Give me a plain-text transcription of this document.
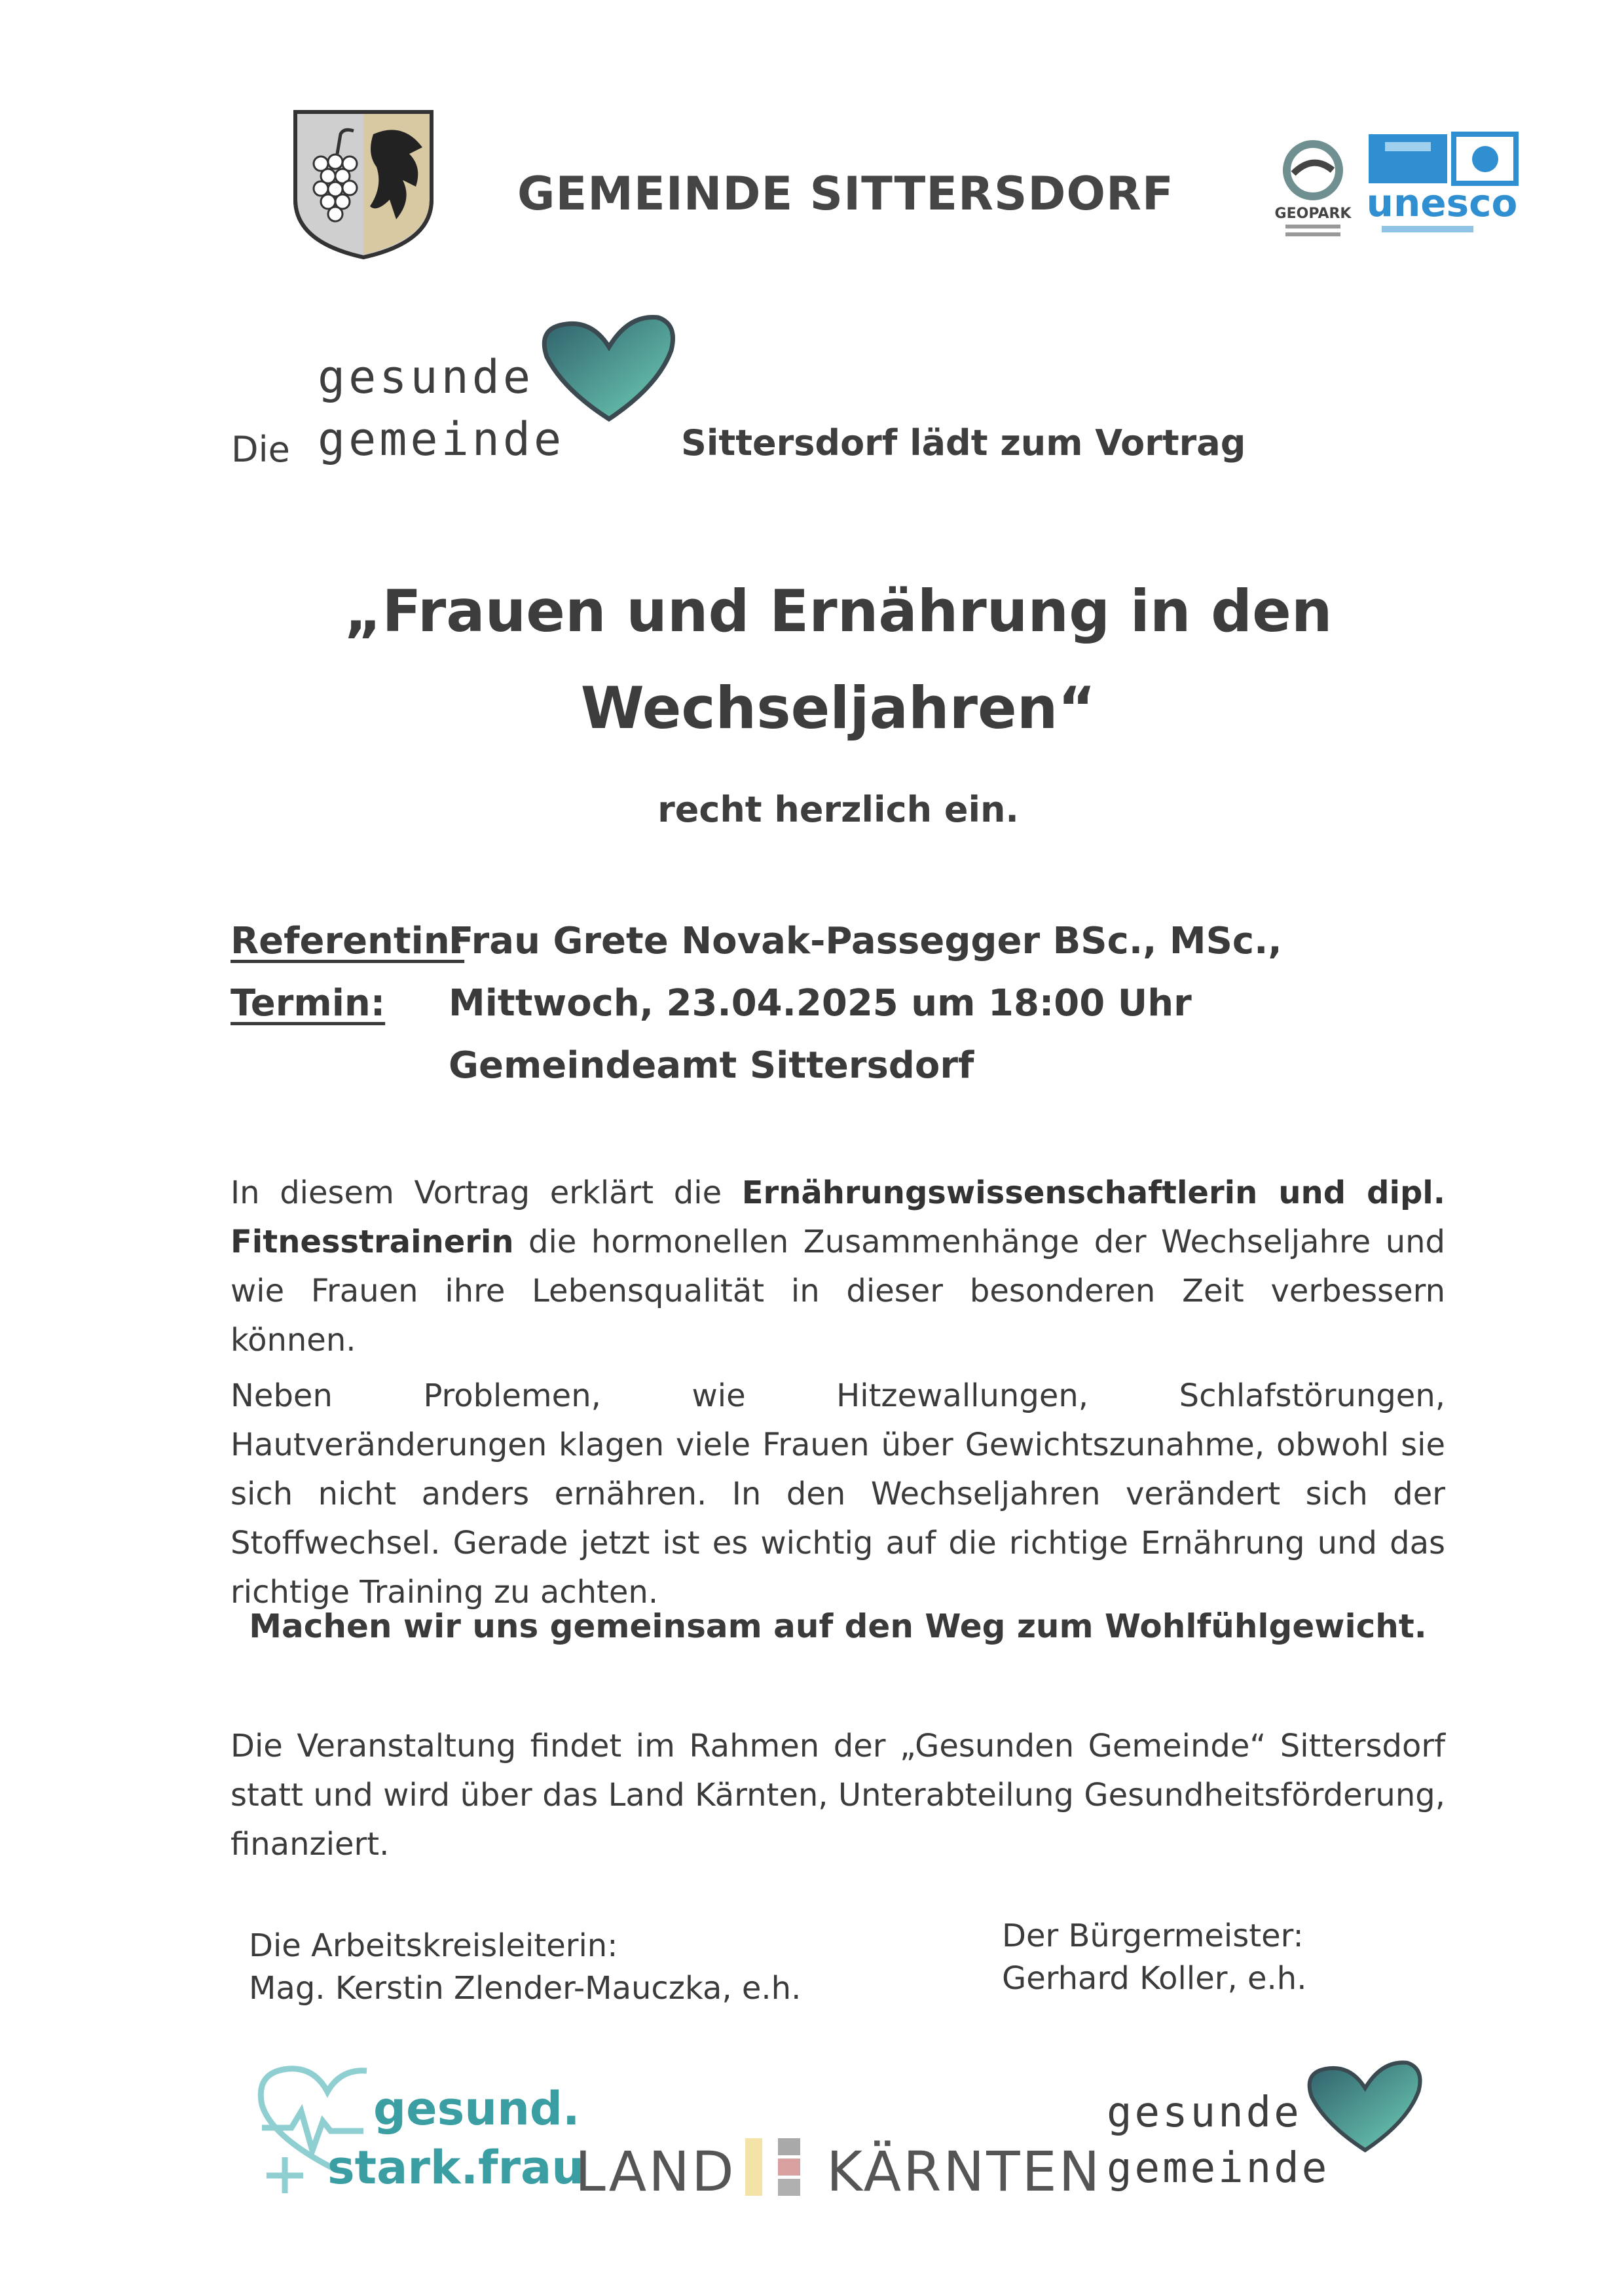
GEMEINDE SITTERSDORF	GEOPARK unesco
Die
gesunde
gemeinde	Sittersdorf lädt zum Vortrag
„Frauen und Ernährung in den
Wechseljahren“
recht herzlich ein.
Referentin:
Frau Grete Novak-Passegger BSc., MSc.,
Termin: Mittwoch, 23.04.2025 um 18:00 Uhr
Gemeindeamt Sittersdorf
In diesem Vortrag erklärt die Ernährungswissenschaftlerin und dipl. Fitnesstrainerin die hormonellen Zusammenhänge der Wechseljahre und wie Frauen ihre Lebensqualität in dieser besonderen Zeit verbessern können.
Neben Problemen, wie Hitzewallungen, Schlafstörungen, Hautveränderungen klagen viele Frauen über Gewichtszunahme, obwohl sie sich nicht anders ernähren. In den Wechseljahren verändert sich der Stoffwechsel. Gerade jetzt ist es wichtig auf die richtige Ernährung und das richtige Training zu achten.
Machen wir uns gemeinsam auf den Weg zum Wohlfühlgewicht.
Die Veranstaltung findet im Rahmen der „Gesunden Gemeinde“ Sittersdorf statt und wird über das Land Kärnten, Unterabteilung Gesundheitsförderung, finanziert.
Die Arbeitskreisleiterin:
Mag. Kerstin Zlender-Mauczka, e.h.
Der Bürgermeister:
Gerhard Koller, e.h.
gesund.
stark.frau
LAND KÄRNTEN
gesunde
gemeinde
